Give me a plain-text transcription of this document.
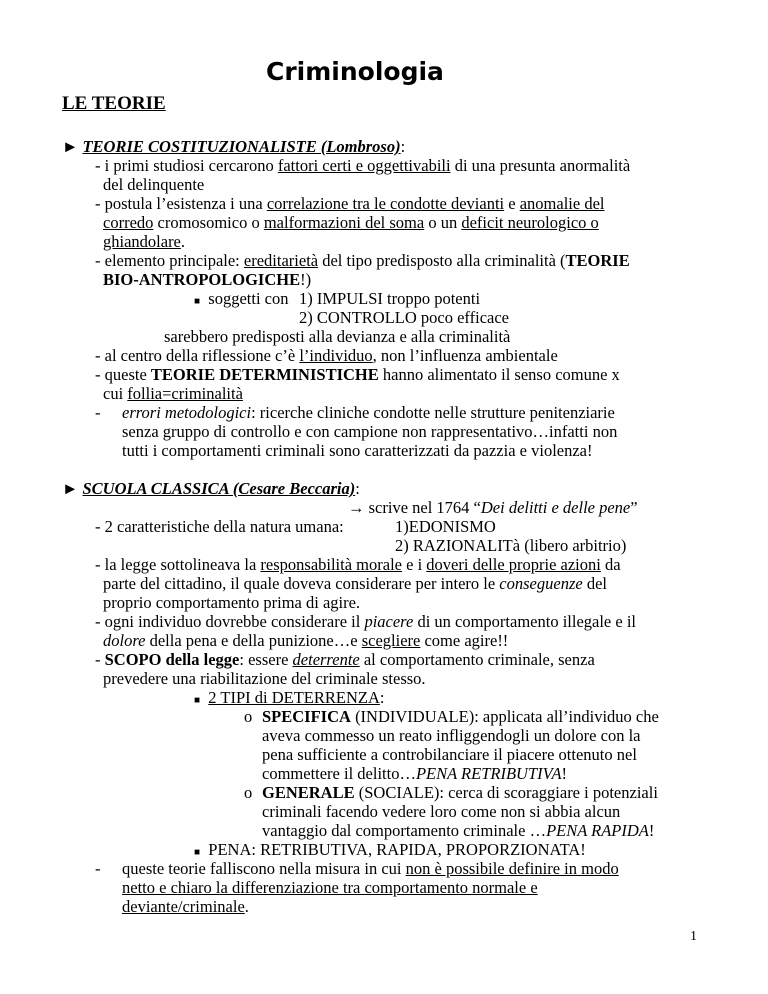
Criminologia
LE TEORIE
► TEORIE COSTITUZIONALISTE (Lombroso):
- i primi studiosi cercarono fattori certi e oggettivabili di una presunta anormalità
del delinquente
- postula l’esistenza i una correlazione tra le condotte devianti e anomalie del
corredo cromosomico o malformazioni del soma o un deficit neurologico o
ghiandolare.
- elemento principale: ereditarietà del tipo predisposto alla criminalità (TEORIE
BIO-ANTROPOLOGICHE!)
■ soggetti con 1) IMPULSI troppo potenti
2) CONTROLLO poco efficace
sarebbero predisposti alla devianza e alla criminalità
- al centro della riflessione c’è l’individuo, non l’influenza ambientale
- queste TEORIE DETERMINISTICHE hanno alimentato il senso comune x
cui follia=criminalità
- errori metodologici: ricerche cliniche condotte nelle strutture penitenziarie
senza gruppo di controllo e con campione non rappresentativo…infatti non
tutti i comportamenti criminali sono caratterizzati da pazzia e violenza!
► SCUOLA CLASSICA (Cesare Beccaria):
→ scrive nel 1764 “Dei delitti e delle pene”
- 2 caratteristiche della natura umana:	1)EDONISMO
2) RAZIONALITà (libero arbitrio)
- la legge sottolineava la responsabilità morale e i doveri delle proprie azioni da
parte del cittadino, il quale doveva considerare per intero le conseguenze del
proprio comportamento prima di agire.
- ogni individuo dovrebbe considerare il piacere di un comportamento illegale e il
dolore della pena e della punizione…e scegliere come agire!!
- SCOPO della legge: essere deterrente al comportamento criminale, senza
prevedere una riabilitazione del criminale stesso.
■ 2 TIPI di DETERRENZA:
o SPECIFICA (INDIVIDUALE): applicata all’individuo che
aveva commesso un reato infliggendogli un dolore con la
pena sufficiente a controbilanciare il piacere ottenuto nel
commettere il delitto…PENA RETRIBUTIVA!
o GENERALE (SOCIALE): cerca di scoraggiare i potenziali
criminali facendo vedere loro come non si abbia alcun
vantaggio dal comportamento criminale …PENA RAPIDA!
■ PENA: RETRIBUTIVA, RAPIDA, PROPORZIONATA!
- queste teorie falliscono nella misura in cui non è possibile definire in modo
netto e chiaro la differenziazione tra comportamento normale e
deviante/criminale.
1
